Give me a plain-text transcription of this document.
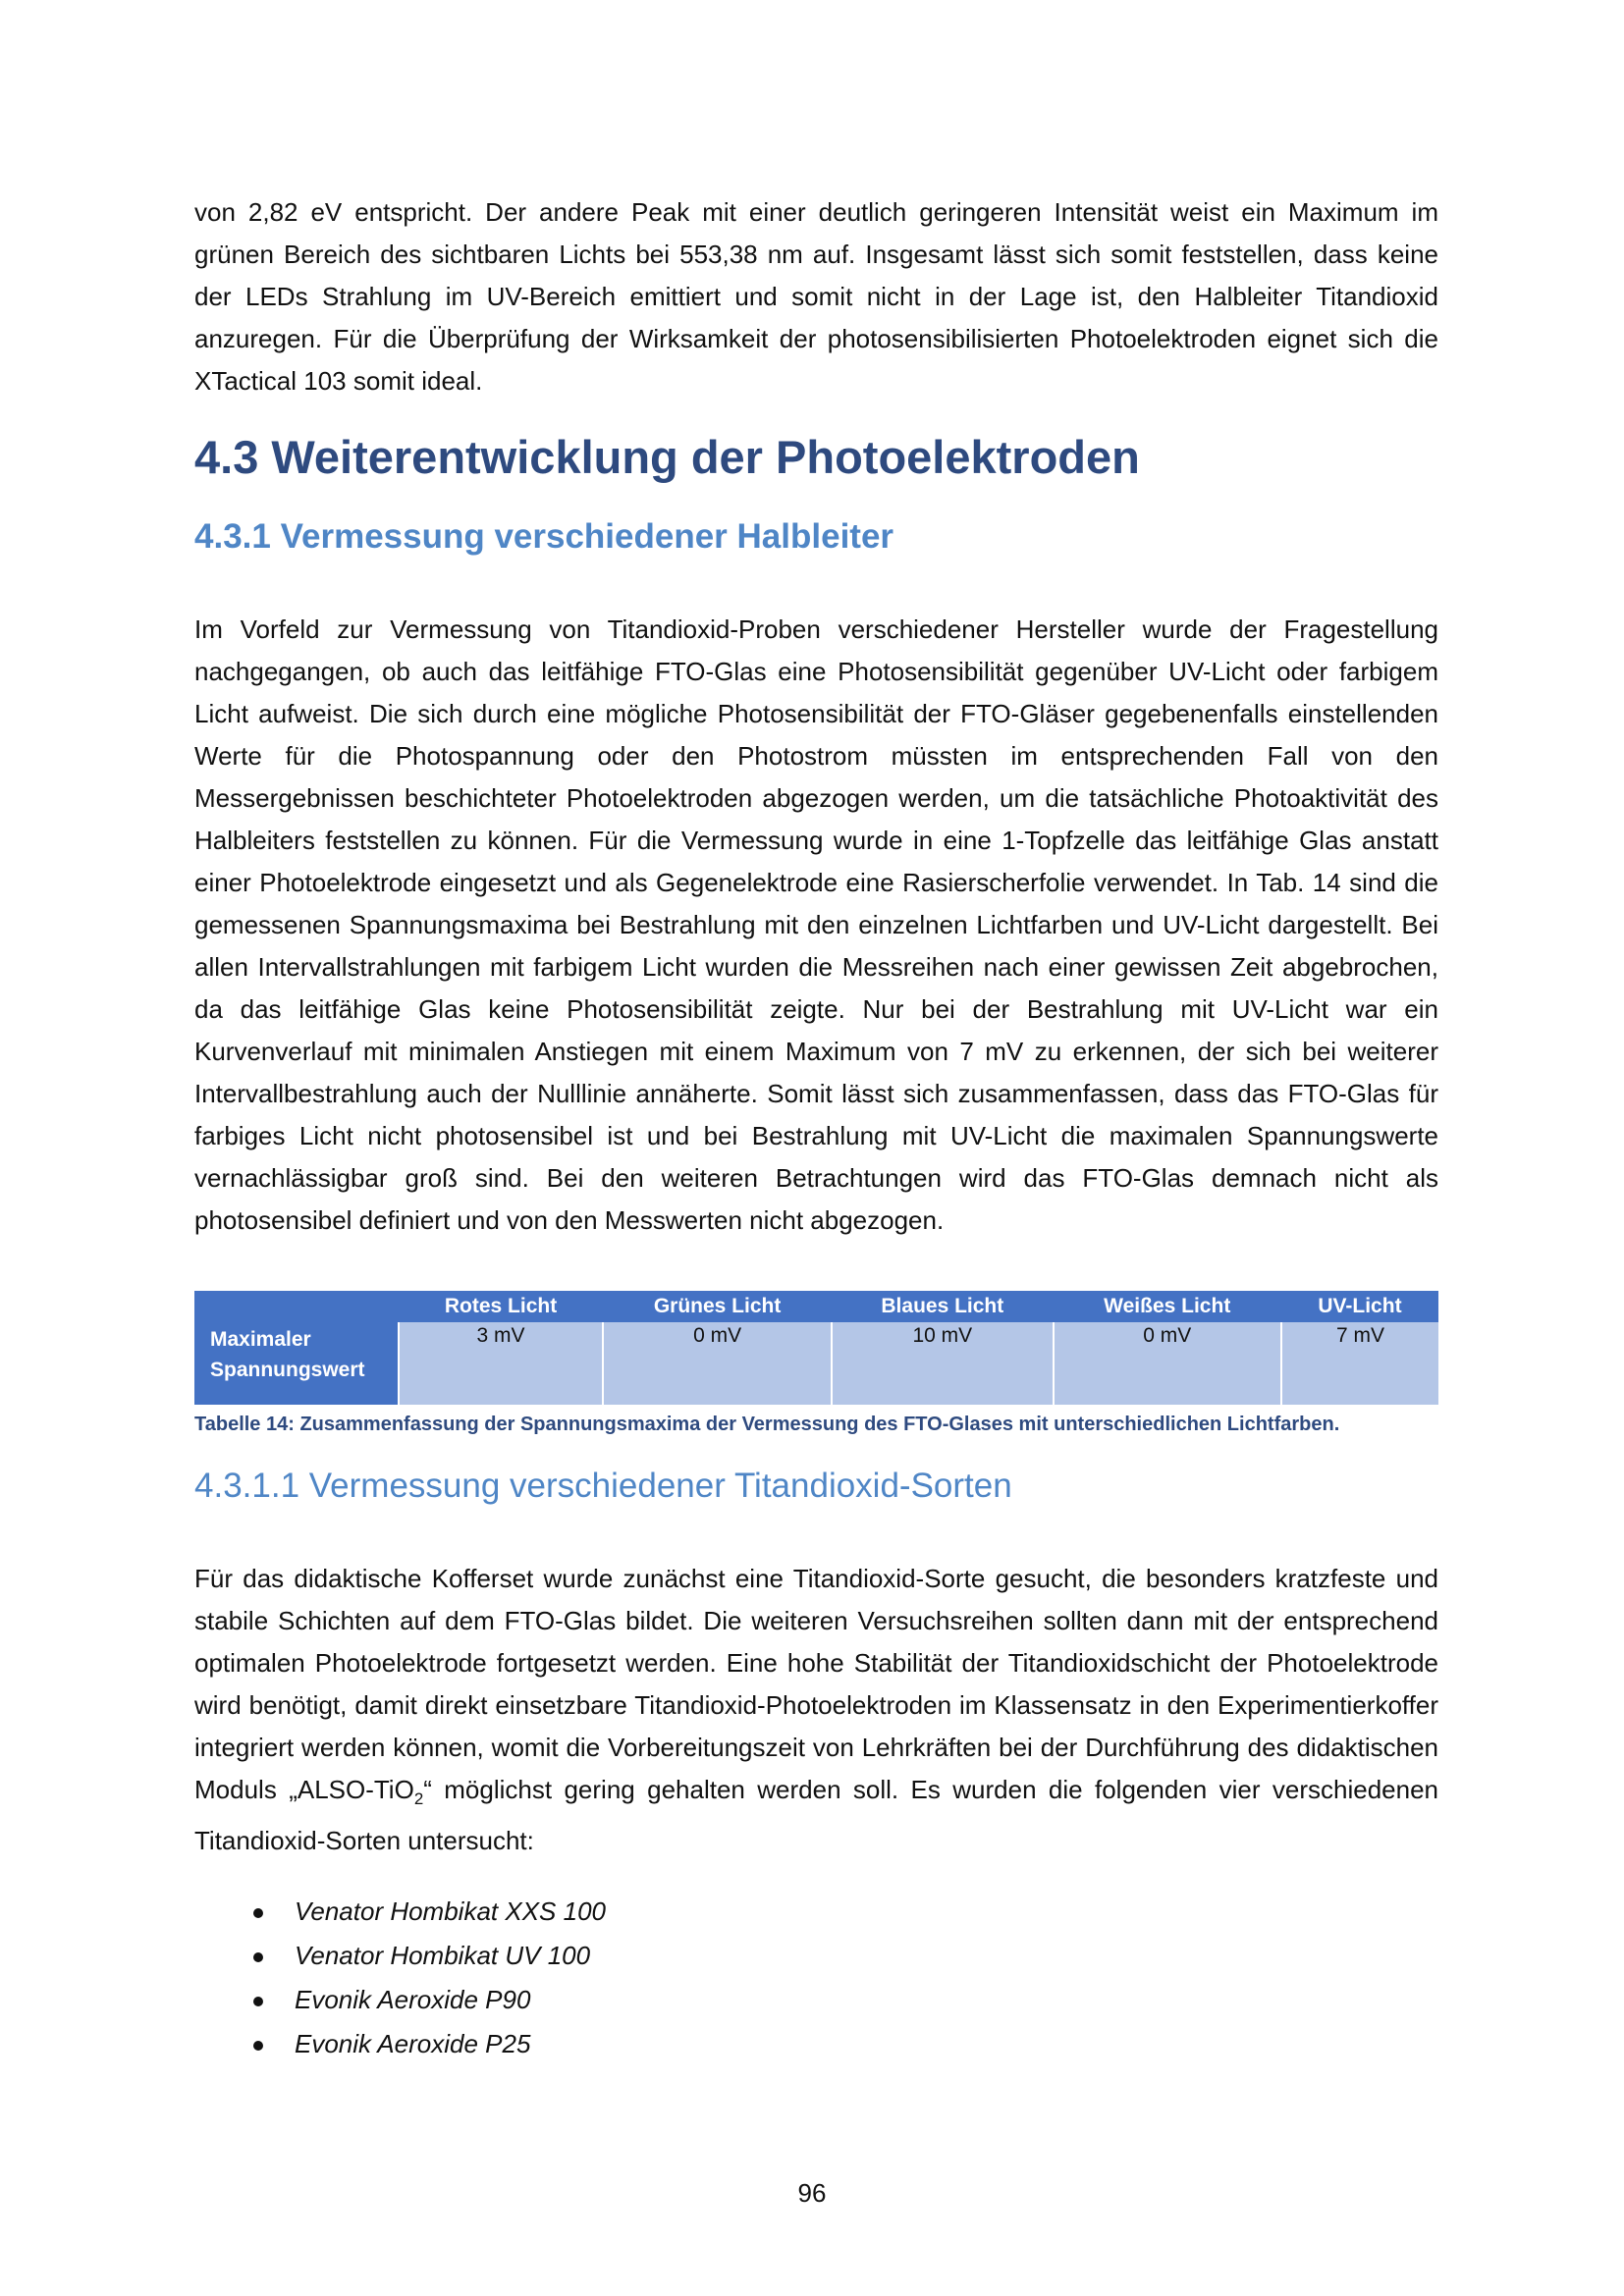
von 2,82 eV entspricht. Der andere Peak mit einer deutlich geringeren Intensität weist ein Maximum im grünen Bereich des sichtbaren Lichts bei 553,38 nm auf. Insgesamt lässt sich somit feststellen, dass keine der LEDs Strahlung im UV-Bereich emittiert und somit nicht in der Lage ist, den Halbleiter Titandioxid anzuregen. Für die Überprüfung der Wirksamkeit der photosensibilisierten Photoelektroden eignet sich die XTactical 103 somit ideal.

4.3 Weiterentwicklung der Photoelektroden
4.3.1 Vermessung verschiedener Halbleiter

Im Vorfeld zur Vermessung von Titandioxid-Proben verschiedener Hersteller wurde der Fragestellung nachgegangen, ob auch das leitfähige FTO-Glas eine Photosensibilität gegenüber UV-Licht oder farbigem Licht aufweist. Die sich durch eine mögliche Photosensibilität der FTO-Gläser gegebenenfalls einstellenden Werte für die Photospannung oder den Photostrom müssten im entsprechenden Fall von den Messergebnissen beschichteter Photoelektroden abgezogen werden, um die tatsächliche Photoaktivität des Halbleiters feststellen zu können. Für die Vermessung wurde in eine 1-Topfzelle das leitfähige Glas anstatt einer Photoelektrode eingesetzt und als Gegenelektrode eine Rasierscherfolie verwendet. In Tab. 14 sind die gemessenen Spannungsmaxima bei Bestrahlung mit den einzelnen Lichtfarben und UV-Licht dargestellt. Bei allen Intervallstrahlungen mit farbigem Licht wurden die Messreihen nach einer gewissen Zeit abgebrochen, da das leitfähige Glas keine Photosensibilität zeigte. Nur bei der Bestrahlung mit UV-Licht war ein Kurvenverlauf mit minimalen Anstiegen mit einem Maximum von 7 mV zu erkennen, der sich bei weiterer Intervallbestrahlung auch der Nulllinie annäherte. Somit lässt sich zusammenfassen, dass das FTO-Glas für farbiges Licht nicht photosensibel ist und bei Bestrahlung mit UV-Licht die maximalen Spannungswerte vernachlässigbar groß sind. Bei den weiteren Betrachtungen wird das FTO-Glas demnach nicht als photosensibel definiert und von den Messwerten nicht abgezogen.

	Rotes Licht	Grünes Licht	Blaues Licht	Weißes Licht	UV-Licht
Maximaler
Spannungswert	3 mV	0 mV	10 mV	0 mV	7 mV
Tabelle 14: Zusammenfassung der Spannungsmaxima der Vermessung des FTO-Glases mit unterschiedlichen Lichtfarben.
4.3.1.1 Vermessung verschiedener Titandioxid-Sorten

Für das didaktische Kofferset wurde zunächst eine Titandioxid-Sorte gesucht, die besonders kratzfeste und stabile Schichten auf dem FTO-Glas bildet. Die weiteren Versuchsreihen sollten dann mit der entsprechend optimalen Photoelektrode fortgesetzt werden. Eine hohe Stabilität der Titandioxidschicht der Photoelektrode wird benötigt, damit direkt einsetzbare Titandioxid-Photoelektroden im Klassensatz in den Experimentierkoffer integriert werden können, womit die Vorbereitungszeit von Lehrkräften bei der Durchführung des didaktischen Moduls „ALSO-TiO$_2$“ möglichst gering gehalten werden soll. Es wurden die folgenden vier verschiedenen Titandioxid-Sorten untersucht:

Venator Hombikat XXS 100
Venator Hombikat UV 100
Evonik Aeroxide P90
Evonik Aeroxide P25
96
